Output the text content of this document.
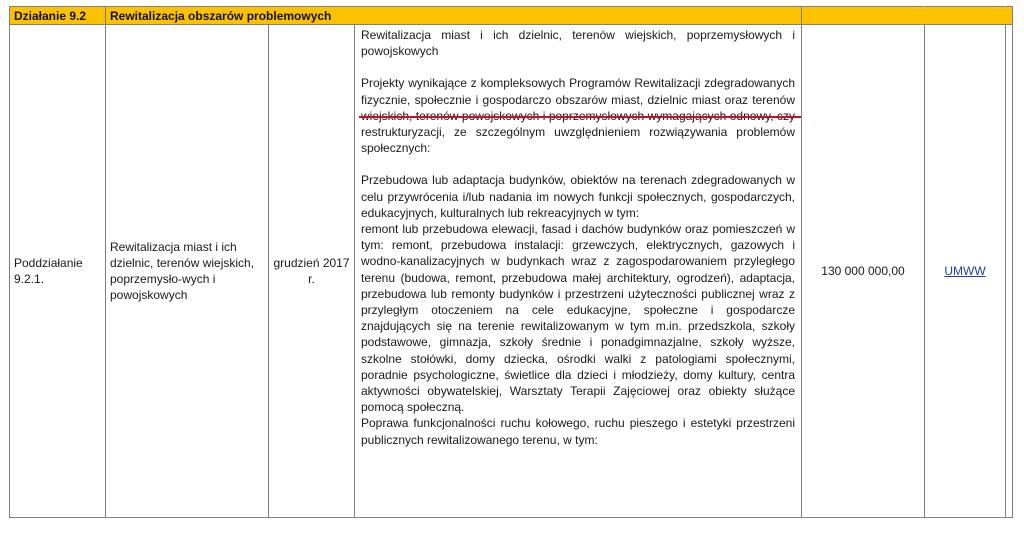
Działanie 9.2	Rewitalizacja obszarów problemowych					
Poddziałanie 9.2.1.	Rewitalizacja miast i ich dzielnic, terenów wiejskich, poprzemysło-wych i powojskowych	grudzień 2017 r.	Rewitalizacja miast i ich dzielnic, terenów wiejskich, poprzemysłowych i powojskowych

Projekty wynikające z kompleksowych Programów Rewitalizacji zdegradowanych fizycznie, społecznie i gospodarczo obszarów miast, dzielnic miast oraz terenów restrukturyzacji, ze szczególnym uwzględnieniem rozwiązywania problemów społecznych:

Przebudowa lub adaptacja budynków, obiektów na terenach zdegradowanych w celu przywrócenia i/lub nadania im nowych funkcji społecznych, gospodarczych, edukacyjnych, kulturalnych lub rekreacyjnych w tym:

remont lub przebudowa elewacji, fasad i dachów budynków oraz pomieszczeń w tym: remont, przebudowa instalacji: grzewczych, elektrycznych, gazowych i wodno-kanalizacyjnych w budynkach wraz z zagospodarowaniem przyległego terenu (budowa, remont, przebudowa małej architektury, ogrodzeń), adaptacja, przebudowa lub remonty budynków i przestrzeni użyteczności publicznej wraz z przyległym otoczeniem na cele edukacyjne, społeczne i gospodarcze znajdujących się na terenie rewitalizowanym w tym m.in. przedszkola, szkoły podstawowe, gimnazja, szkoły średnie i ponadgimnazjalne, szkoły wyższe, szkolne stołówki, domy dziecka, ośrodki walki z patologiami społecznymi, poradnie psychologiczne, świetlice dla dzieci i młodzieży, domy kultury, centra aktywności obywatelskiej, Warsztaty Terapii Zajęciowej oraz obiekty służące pomocą społeczną.

Poprawa funkcjonalności ruchu kołowego, ruchu pieszego i estetyki przestrzeni publicznych rewitalizowanego terenu, w tym:	130 000 000,00	UMWW	
